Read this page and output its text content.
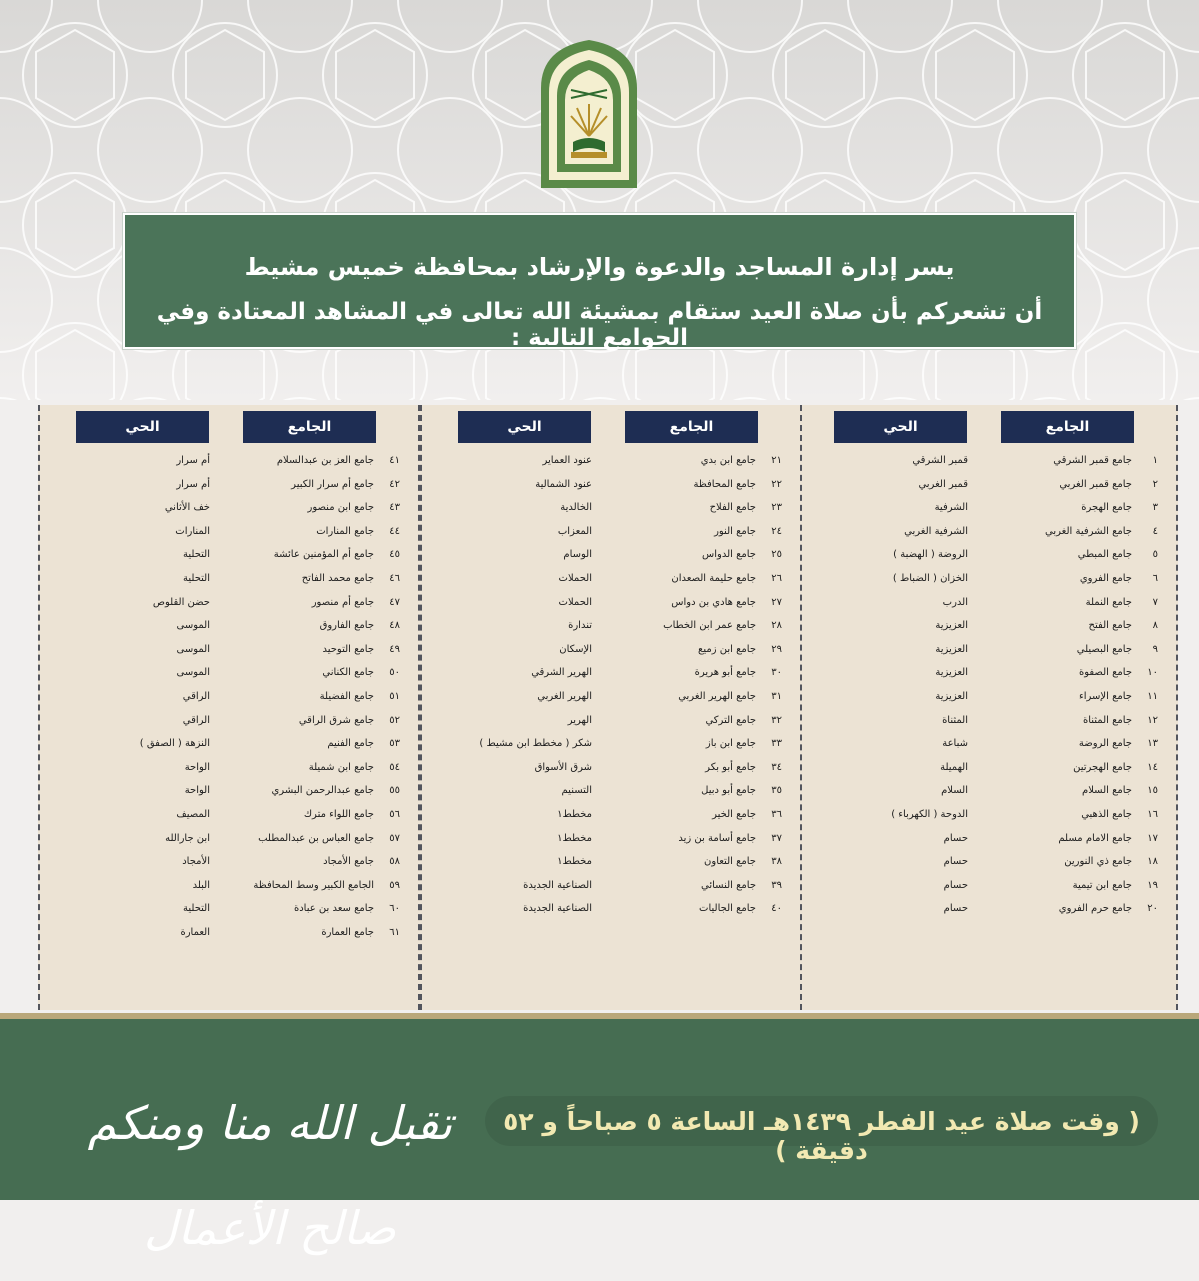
يسر إدارة المساجد والدعوة والإرشاد بمحافظة خميس مشيط
أن تشعركم بأن صلاة العيد ستقام بمشيئة الله تعالى في المشاهد المعتادة وفي الجوامع التالية :
الجامع
الحي
١
جامع قمبر الشرقي
قمبر الشرقي
٢
جامع قمبر الغربي
قمبر الغربي
٣
جامع الهجرة
الشرفية
٤
جامع الشرفية الغربي
الشرفية الغربي
٥
جامع المبطي
الروضة ( الهضبة )
٦
جامع الفروي
الخزان ( الضباط )
٧
جامع النملة
الدرب
٨
جامع الفتح
العزيزية
٩
جامع البصيلي
العزيزية
١٠
جامع الصفوة
العزيزية
١١
جامع الإسراء
العزيزية
١٢
جامع المثناة
المثناة
١٣
جامع الروضة
شباعة
١٤
جامع الهجرتين
الهميلة
١٥
جامع السلام
السلام
١٦
جامع الذهبي
الدوحة ( الكهرباء )
١٧
جامع الامام مسلم
حسام
١٨
جامع ذي النورين
حسام
١٩
جامع ابن تيمية
حسام
٢٠
جامع حرم الفروي
حسام
الجامع
الحي
٢١
جامع ابن بدي
عنود العماير
٢٢
جامع المحافظة
عنود الشمالية
٢٣
جامع الفلاح
الخالدية
٢٤
جامع النور
المعزاب
٢٥
جامع الدواس
الوسام
٢٦
جامع حليمة الصعدان
الحملات
٢٧
جامع هادي بن دواس
الحملات
٢٨
جامع عمر ابن الخطاب
تندارة
٢٩
جامع ابن زميع
الإسكان
٣٠
جامع أبو هريرة
الهرير الشرقي
٣١
جامع الهرير الغربي
الهرير الغربي
٣٢
جامع التركي
الهرير
٣٣
جامع ابن باز
شكر ( مخطط ابن مشيط )
٣٤
جامع أبو بكر
شرق الأسواق
٣٥
جامع أبو دبيل
التسنيم
٣٦
جامع الخير
مخطط١
٣٧
جامع أسامة بن زيد
مخطط١
٣٨
جامع التعاون
مخطط١
٣٩
جامع النسائي
الصناعية الجديدة
٤٠
جامع الجاليات
الصناعية الجديدة
الجامع
الحي
٤١
جامع العز بن عبدالسلام
أم سرار
٤٢
جامع أم سرار الكبير
أم سرار
٤٣
جامع ابن منصور
خف الأثاني
٤٤
جامع المنارات
المنارات
٤٥
جامع أم المؤمنين عائشة
التحلية
٤٦
جامع محمد الفاتح
التحلية
٤٧
جامع أم منصور
حضن القلوص
٤٨
جامع الفاروق
الموسى
٤٩
جامع التوحيد
الموسى
٥٠
جامع الكناني
الموسى
٥١
جامع الفضيلة
الراقي
٥٢
جامع شرق الراقي
الراقي
٥٣
جامع الفنيم
النزهة ( الصفق )
٥٤
جامع ابن شميلة
الواحة
٥٥
جامع عبدالرحمن البشري
الواحة
٥٦
جامع اللواء مترك
المصيف
٥٧
جامع العباس بن عبدالمطلب
ابن جارالله
٥٨
جامع الأمجاد
الأمجاد
٥٩
الجامع الكبير وسط المحافظة
البلد
٦٠
جامع سعد بن عبادة
التحلية
٦١
جامع العمارة
العمارة
( وقت صلاة عيد الفطر ١٤٣٩هـ الساعة ٥ صباحاً و ٥٢ دقيقة )
تقبل الله منا ومنكم صالح الأعمال
